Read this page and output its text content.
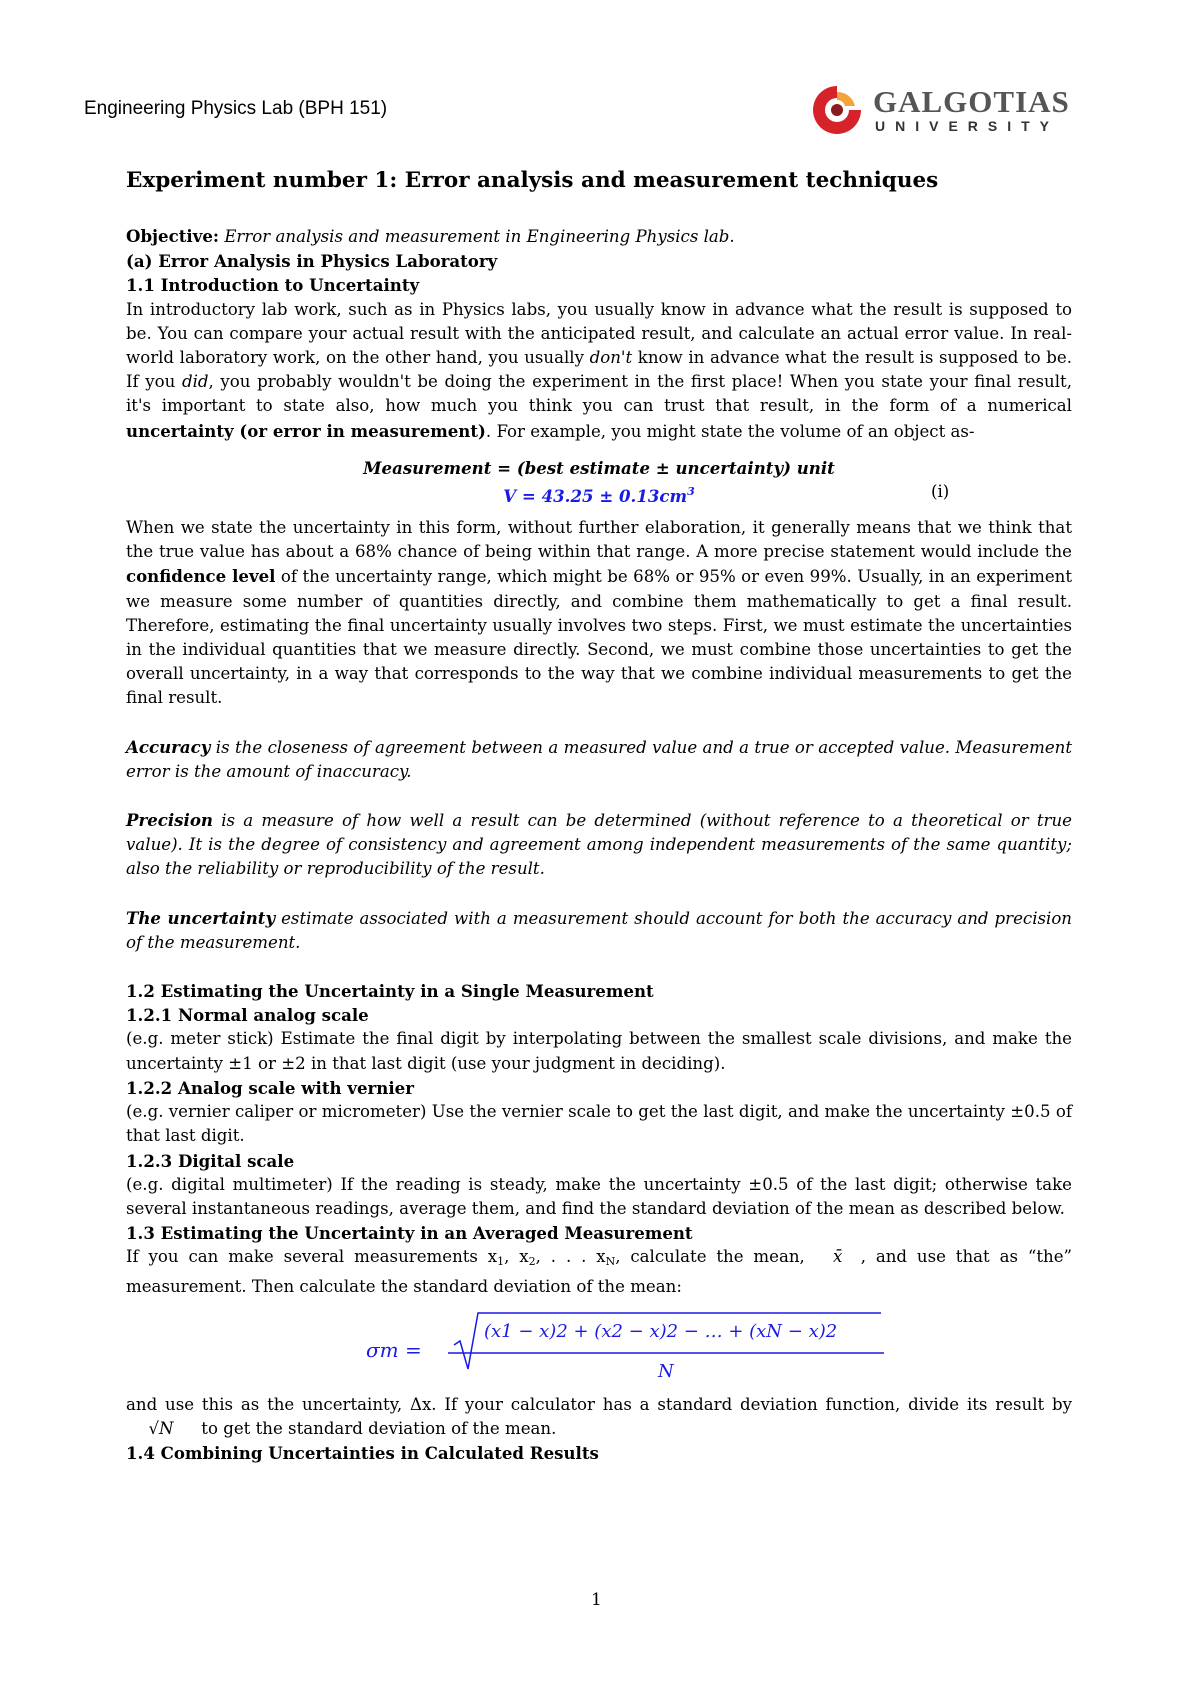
Engineering Physics Lab (BPH 151)	GALGOTIAS
UNIVERSITY
Experiment number 1: Error analysis and measurement techniques

Objective: Error analysis and measurement in Engineering Physics lab.

(a) Error Analysis in Physics Laboratory

1.1 Introduction to Uncertainty

In introductory lab work, such as in Physics labs, you usually know in advance what the result is supposed to be. You can compare your actual result with the anticipated result, and calculate an actual error value. In real-world laboratory work, on the other hand, you usually don't know in advance what the result is supposed to be. If you did, you probably wouldn't be doing the experiment in the first place! When you state your final result, it's important to state also, how much you think you can trust that result, in the form of a numerical uncertainty (or error in measurement). For example, you might state the volume of an object as-

Measurement = (best estimate ± uncertainty) unit

$V = 43.25 \pm 0.13cm^3$	(i)

When we state the uncertainty in this form, without further elaboration, it generally means that we think that the true value has about a 68% chance of being within that range. A more precise statement would include the confidence level of the uncertainty range, which might be 68% or 95% or even 99%. Usually, in an experiment we measure some number of quantities directly, and combine them mathematically to get a final result. Therefore, estimating the final uncertainty usually involves two steps. First, we must estimate the uncertainties in the individual quantities that we measure directly. Second, we must combine those uncertainties to get the overall uncertainty, in a way that corresponds to the way that we combine individual measurements to get the final result.

Accuracy is the closeness of agreement between a measured value and a true or accepted value. Measurement error is the amount of inaccuracy.

Precision is a measure of how well a result can be determined (without reference to a theoretical or true value). It is the degree of consistency and agreement among independent measurements of the same quantity; also the reliability or reproducibility of the result.

The uncertainty estimate associated with a measurement should account for both the accuracy and precision of the measurement.

1.2 Estimating the Uncertainty in a Single Measurement

1.2.1 Normal analog scale

(e.g. meter stick) Estimate the final digit by interpolating between the smallest scale divisions, and make the uncertainty ±1 or ±2 in that last digit (use your judgment in deciding).

1.2.2 Analog scale with vernier

(e.g. vernier caliper or micrometer) Use the vernier scale to get the last digit, and make the uncertainty ±0.5 of that last digit.

1.2.3 Digital scale

(e.g. digital multimeter) If the reading is steady, make the uncertainty ±0.5 of the last digit; otherwise take several instantaneous readings, average them, and find the standard deviation of the mean as described below.

1.3 Estimating the Uncertainty in an Averaged Measurement

If you can make several measurements $x_1$, $x_2$, . . . $x_N$, calculate the mean, x̄ , and use that as “the” measurement. Then calculate the standard deviation of the mean:

σm =
(x1 − x)2 + (x2 − x)2 − … + (xN − x)2
N

and use this as the uncertainty, Δx. If your calculator has a standard deviation function, divide its result by √N to get the standard deviation of the mean.

1.4 Combining Uncertainties in Calculated Results

1
